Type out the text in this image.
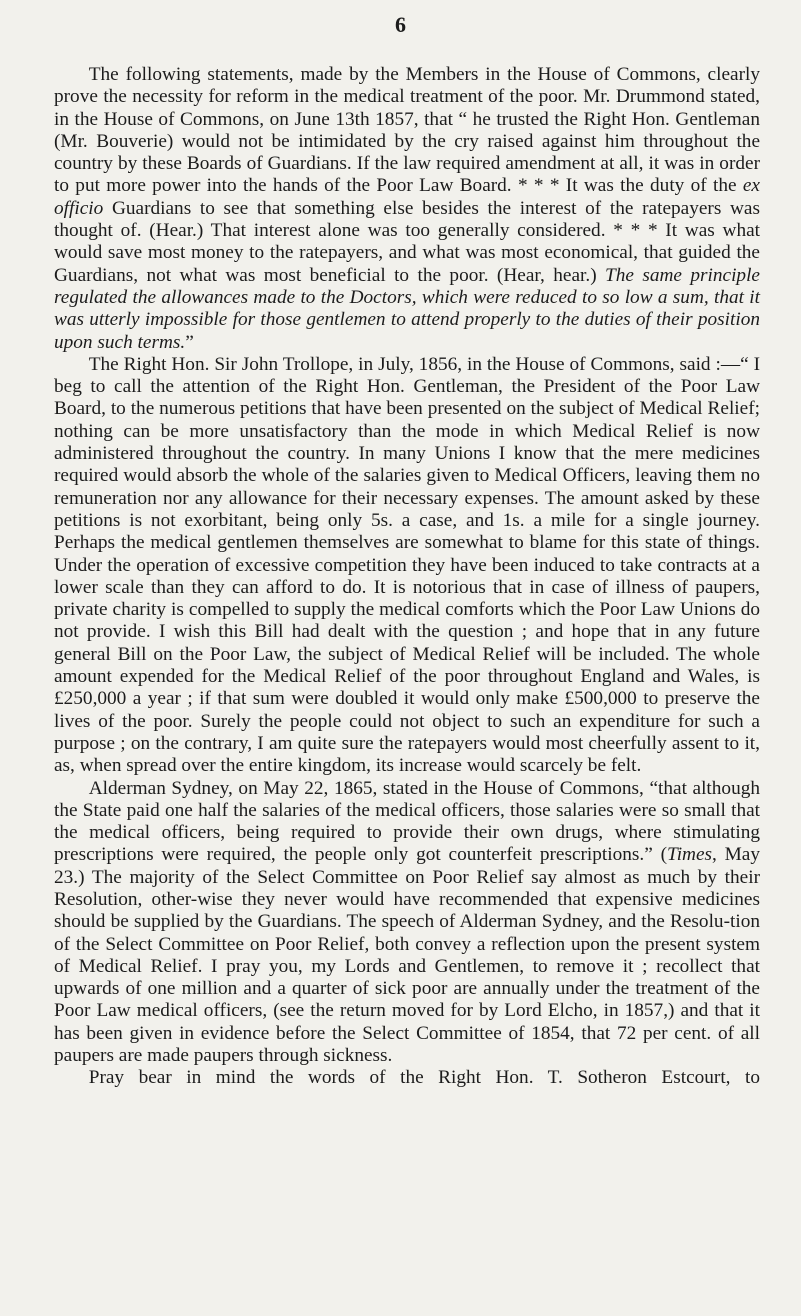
6

The following statements, made by the Members in the House of Commons, clearly prove the necessity for reform in the medical treatment of the poor. Mr. Drummond stated, in the House of Commons, on June 13th 1857, that “ he trusted the Right Hon. Gentleman (Mr. Bouverie) would not be intimidated by the cry raised against him throughout the country by these Boards of Guardians. If the law required amendment at all, it was in order to put more power into the hands of the Poor Law Board. * * * It was the duty of the ex officio Guardians to see that something else besides the interest of the ratepayers was thought of. (Hear.) That interest alone was too generally considered. * * * It was what would save most money to the ratepayers, and what was most economical, that guided the Guardians, not what was most beneficial to the poor. (Hear, hear.) The same principle regulated the allowances made to the Doctors, which were reduced to so low a sum, that it was utterly impossible for those gentlemen to attend properly to the duties of their position upon such terms.”

The Right Hon. Sir John Trollope, in July, 1856, in the House of Commons, said :—“ I beg to call the attention of the Right Hon. Gentleman, the President of the Poor Law Board, to the numerous petitions that have been presented on the subject of Medical Relief; nothing can be more unsatisfactory than the mode in which Medical Relief is now administered throughout the country. In many Unions I know that the mere medicines required would absorb the whole of the salaries given to Medical Officers, leaving them no remuneration nor any allowance for their necessary expenses. The amount asked by these petitions is not exorbitant, being only 5s. a case, and 1s. a mile for a single journey. Perhaps the medical gentlemen themselves are somewhat to blame for this state of things. Under the operation of excessive competition they have been induced to take contracts at a lower scale than they can afford to do. It is notorious that in case of illness of paupers, private charity is compelled to supply the medical comforts which the Poor Law Unions do not provide. I wish this Bill had dealt with the question ; and hope that in any future general Bill on the Poor Law, the subject of Medical Relief will be included. The whole amount expended for the Medical Relief of the poor throughout England and Wales, is £250,000 a year ; if that sum were doubled it would only make £500,000 to preserve the lives of the poor. Surely the people could not object to such an expenditure for such a purpose ; on the contrary, I am quite sure the ratepayers would most cheerfully assent to it, as, when spread over the entire kingdom, its increase would scarcely be felt.

Alderman Sydney, on May 22, 1865, stated in the House of Commons, “that although the State paid one half the salaries of the medical officers, those salaries were so small that the medical officers, being required to provide their own drugs, where stimulating prescriptions were required, the people only got counterfeit prescriptions.” (Times, May 23.) The majority of the Select Committee on Poor Relief say almost as much by their Resolution, other-wise they never would have recommended that expensive medicines should be supplied by the Guardians. The speech of Alderman Sydney, and the Resolu-tion of the Select Committee on Poor Relief, both convey a reflection upon the present system of Medical Relief. I pray you, my Lords and Gentlemen, to remove it ; recollect that upwards of one million and a quarter of sick poor are annually under the treatment of the Poor Law medical officers, (see the return moved for by Lord Elcho, in 1857,) and that it has been given in evidence before the Select Committee of 1854, that 72 per cent. of all paupers are made paupers through sickness.

Pray bear in mind the words of the Right Hon. T. Sotheron Estcourt, to
